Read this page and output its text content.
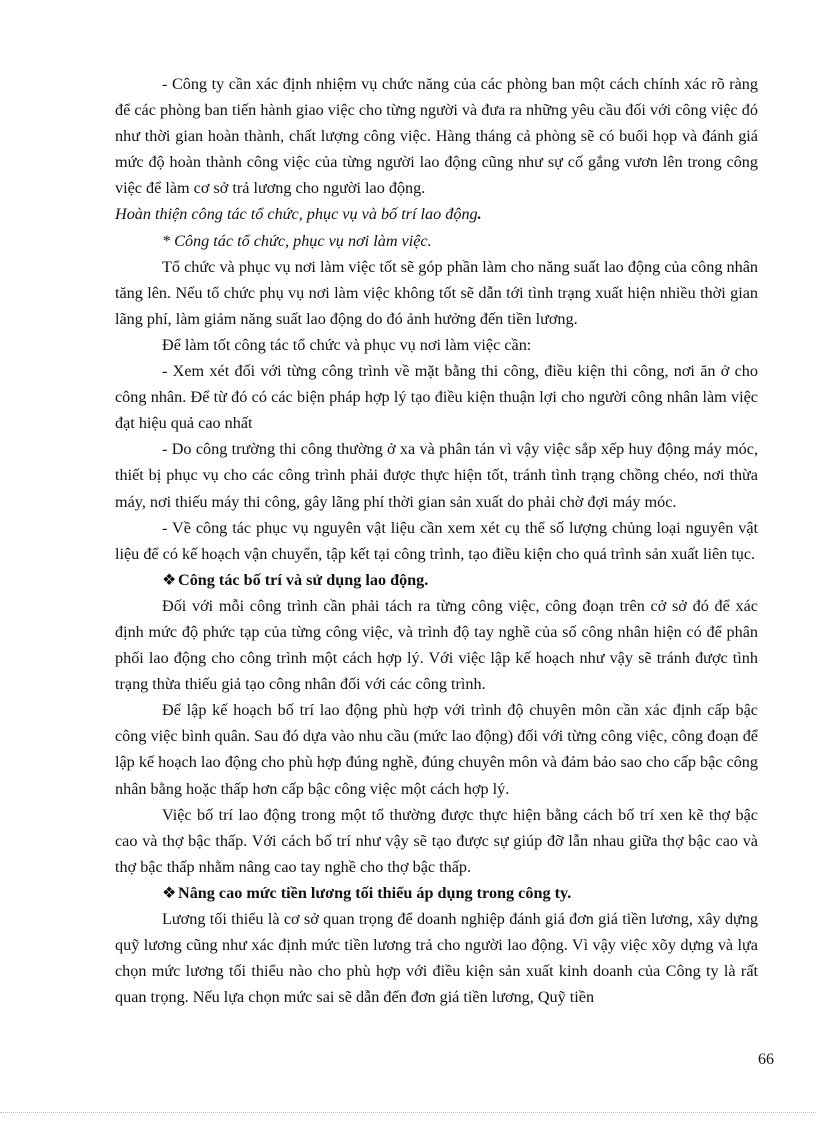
- Công ty cần xác định nhiệm vụ chức năng của các phòng ban một cách chính xác rõ ràng để các phòng ban tiến hành giao việc cho từng người và đưa ra những yêu cầu đối với công việc đó như thời gian hoàn thành, chất lượng công việc. Hàng tháng cả phòng sẽ có buổi họp và đánh giá mức độ hoàn thành công việc của từng người lao động cũng như sự cố gắng vươn lên trong công việc để làm cơ sở trả lương cho người lao động.

Hoàn thiện công tác tổ chức, phục vụ và bố trí lao động.

* Công tác tổ chức, phục vụ nơi làm việc.

Tổ chức và phục vụ nơi làm việc tốt sẽ góp phần làm cho năng suất lao động của công nhân tăng lên. Nếu tổ chức phụ vụ nơi làm việc không tốt sẽ dẫn tới tình trạng xuất hiện nhiều thời gian lãng phí, làm giảm năng suất lao động do đó ảnh hưởng đến tiền lương.

Để làm tốt công tác tổ chức và phục vụ nơi làm việc cần:

- Xem xét đối với từng công trình về mặt bằng thi công, điều kiện thi công, nơi ăn ở cho công nhân. Để từ đó có các biện pháp hợp lý tạo điều kiện thuận lợi cho người công nhân làm việc đạt hiệu quả cao nhất

- Do công trường thi công thường ở xa và phân tán vì vậy việc sắp xếp huy động máy móc, thiết bị phục vụ cho các công trình phải được thực hiện tốt, tránh tình trạng chồng chéo, nơi thừa máy, nơi thiếu máy thi công, gây lãng phí thời gian sản xuất do phải chờ đợi máy móc.

- Về công tác phục vụ nguyên vật liệu cần xem xét cụ thể số lượng chủng loại nguyên vật liệu để có kế hoạch vận chuyển, tập kết tại công trình, tạo điều kiện cho quá trình sản xuất liên tục.

❖Công tác bố trí và sử dụng lao động.

Đối với mỗi công trình cần phải tách ra từng công việc, công đoạn trên cở sở đó để xác định mức độ phức tạp của từng công việc, và trình độ tay nghề của số công nhân hiện có để phân phối lao động cho công trình một cách hợp lý. Với việc lập kế hoạch như vậy sẽ tránh được tình trạng thừa thiếu giả tạo công nhân đối với các công trình.

Để lập kế hoạch bố trí lao động phù hợp với trình độ chuyên môn cần xác định cấp bậc công việc bình quân. Sau đó dựa vào nhu cầu (mức lao động) đối với từng công việc, công đoạn để lập kế hoạch lao động cho phù hợp đúng nghề, đúng chuyên môn và đảm bảo sao cho cấp bậc công nhân bằng hoặc thấp hơn cấp bậc công việc một cách hợp lý.

Việc bố trí lao động trong một tổ thường được thực hiện bằng cách bố trí xen kẽ thợ bậc cao và thợ bậc thấp. Với cách bố trí như vậy sẽ tạo được sự giúp đỡ lẫn nhau giữa thợ bậc cao và thợ bậc thấp nhằm nâng cao tay nghề cho thợ bậc thấp.

❖Nâng cao mức tiền lương tối thiểu áp dụng trong công ty.

Lương tối thiểu là cơ sở quan trọng để doanh nghiệp đánh giá đơn giá tiền lương, xây dựng quỹ lương cũng như xác định mức tiền lương trả cho người lao động. Vì vậy việc xõy dựng và lựa chọn mức lương tối thiểu nào cho phù hợp với điều kiện sản xuất kinh doanh của Công ty là rất quan trọng. Nếu lựa chọn mức sai sẽ dẫn đến đơn giá tiền lương, Quỹ tiền

66
